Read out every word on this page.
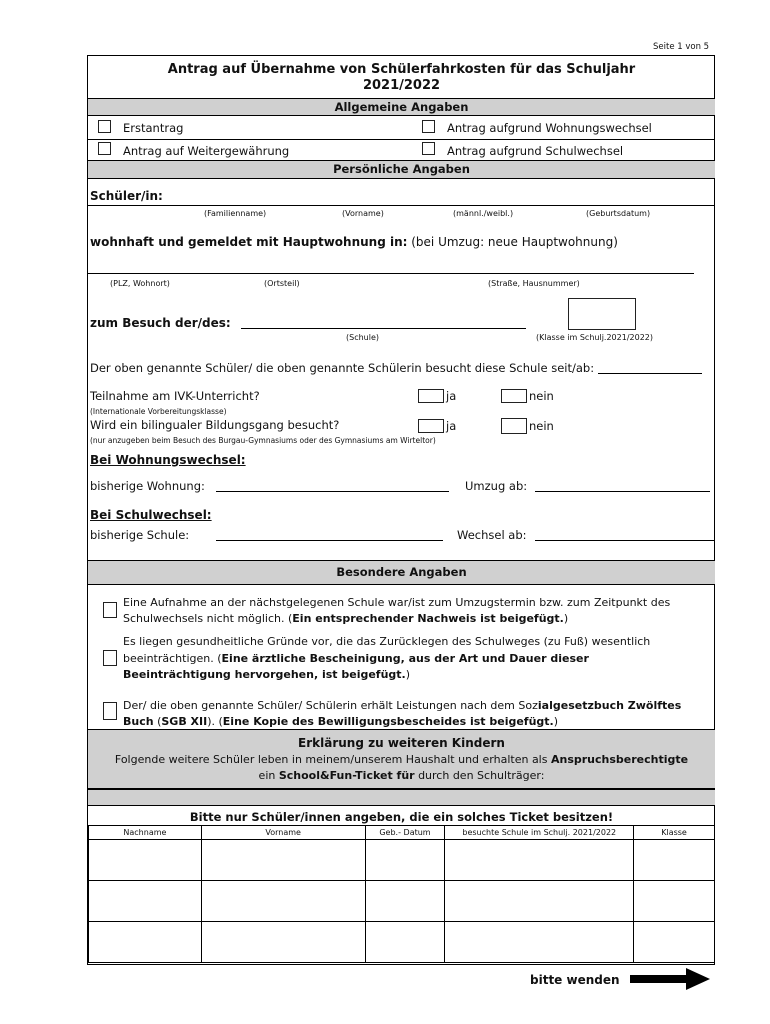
Seite 1 von 5
Antrag auf Übernahme von Schülerfahrkosten für das Schuljahr
2021/2022
Allgemeine Angaben
Erstantrag	Antrag aufgrund Wohnungswechsel
Antrag auf Weitergewährung	Antrag aufgrund Schulwechsel
Persönliche Angaben
Schüler/in:
(Familienname)	(Vorname)	(männl./weibl.)	(Geburtsdatum)
wohnhaft und gemeldet mit Hauptwohnung in: (bei Umzug: neue Hauptwohnung)
(PLZ, Wohnort)	(Ortsteil)	(Straße, Hausnummer)
zum Besuch der/des:
(Schule)	(Klasse im Schulj.2021/2022)
Der oben genannte Schüler/ die oben genannte Schülerin besucht diese Schule seit/ab:
Teilnahme am IVK-Unterricht?	ja	nein
(Internationale Vorbereitungsklasse)
Wird ein bilingualer Bildungsgang besucht?	ja	nein
(nur anzugeben beim Besuch des Burgau-Gymnasiums oder des Gymnasiums am Wirteltor)
Bei Wohnungswechsel:
bisherige Wohnung:	Umzug ab:
Bei Schulwechsel:
bisherige Schule:	Wechsel ab:
Besondere Angaben
Eine Aufnahme an der nächstgelegenen Schule war/ist zum Umzugstermin bzw. zum Zeitpunkt des
Schulwechsels nicht möglich. (Ein entsprechender Nachweis ist beigefügt.)
Es liegen gesundheitliche Gründe vor, die das Zurücklegen des Schulweges (zu Fuß) wesentlich
beeinträchtigen. (Eine ärztliche Bescheinigung, aus der Art und Dauer dieser
Beeinträchtigung hervorgehen, ist beigefügt.)
Der/ die oben genannte Schüler/ Schülerin erhält Leistungen nach dem Sozialgesetzbuch Zwölftes
Buch (SGB XII). (Eine Kopie des Bewilligungsbescheides ist beigefügt.)
Erklärung zu weiteren Kindern
Folgende weitere Schüler leben in meinem/unserem Haushalt und erhalten als Anspruchsberechtigte
ein School&Fun-Ticket für durch den Schulträger:
Bitte nur Schüler/innen angeben, die ein solches Ticket besitzen!
Nachname	Vorname	Geb.- Datum	besuchte Schule im Schulj. 2021/2022	Klasse

bitte wenden
